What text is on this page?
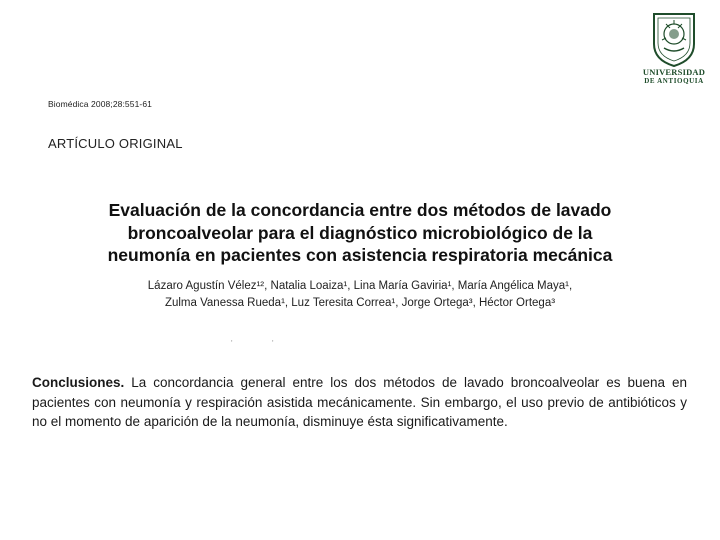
UNIVERSIDAD
DE ANTIOQUIA
Biomédica 2008;28:551-61
ARTÍCULO ORIGINAL
Evaluación de la concordancia entre dos métodos de lavado
broncoalveolar para el diagnóstico microbiológico de la
neumonía en pacientes con asistencia respiratoria mecánica
Lázaro Agustín Vélez¹², Natalia Loaiza¹, Lina María Gaviria¹, María Angélica Maya¹,
Zulma Vanessa Rueda¹, Luz Teresita Correa¹, Jorge Ortega³, Héctor Ortega³
'	'
Conclusiones. La concordancia general entre los dos métodos de lavado broncoalveolar es buena en pacientes con neumonía y respiración asistida mecánicamente. Sin embargo, el uso previo de antibióticos y no el momento de aparición de la neumonía, disminuye ésta significativamente.
